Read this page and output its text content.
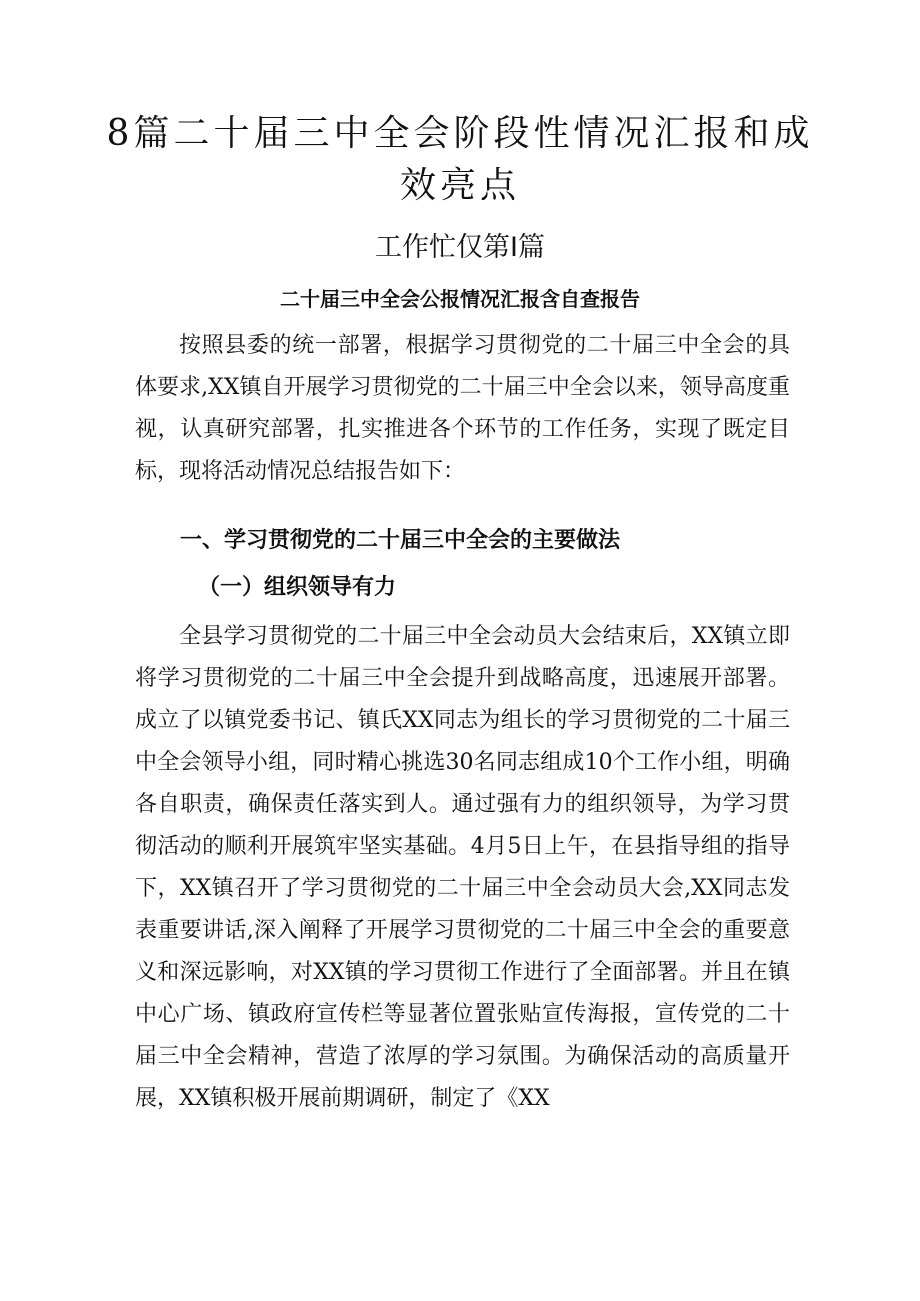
8篇二十届三中全会阶段性情况汇报和成效亮点
工作忙仅第I篇
二十届三中全会公报情况汇报含自查报告

按照县委的统一部署，根据学习贯彻党的二十届三中全会的具体要求,XX镇自开展学习贯彻党的二十届三中全会以来，领导高度重视，认真研究部署，扎实推进各个环节的工作任务，实现了既定目标，现将活动情况总结报告如下：

一、学习贯彻党的二十届三中全会的主要做法
（一）组织领导有力

全县学习贯彻党的二十届三中全会动员大会结束后，XX镇立即将学习贯彻党的二十届三中全会提升到战略高度，迅速展开部署。成立了以镇党委书记、镇氏XX同志为组长的学习贯彻党的二十届三中全会领导小组，同时精心挑选30名同志组成10个工作小组，明确各自职责，确保责任落实到人。通过强有力的组织领导，为学习贯彻活动的顺利开展筑牢坚实基础。4月5日上午，在县指导组的指导下，XX镇召开了学习贯彻党的二十届三中全会动员大会,XX同志发表重要讲话,深入阐释了开展学习贯彻党的二十届三中全会的重要意义和深远影响，对XX镇的学习贯彻工作进行了全面部署。并且在镇中心广场、镇政府宣传栏等显著位置张贴宣传海报，宣传党的二十届三中全会精神，营造了浓厚的学习氛围。为确保活动的高质量开展，XX镇积极开展前期调研，制定了《XX
